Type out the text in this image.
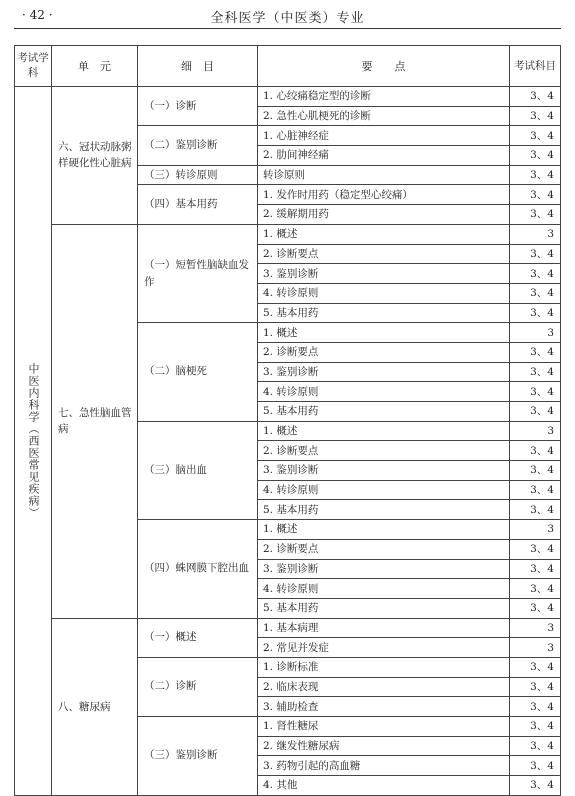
· 42 ·	全科医学（中医类）专业
考试学科	单　元	细　目	要　　点	考试科目

中医内科学（西医常见疾病）	六、冠状动脉粥样硬化性心脏病	（一）诊断	1. 心绞痛稳定型的诊断	3、4
			2. 急性心肌梗死的诊断	3、4

		（二）鉴别诊断	1. 心脏神经症	3、4
			2. 肋间神经痛	3、4

		（三）转诊原则	转诊原则	3、4

		（四）基本用药	1. 发作时用药（稳定型心绞痛）	3、4
			2. 缓解期用药	3、4

	七、急性脑血管病	（一）短暂性脑缺血发作	1. 概述	3
			2. 诊断要点	3、4
			3. 鉴别诊断	3、4
			4. 转诊原则	3、4
			5. 基本用药	3、4

		（二）脑梗死	1. 概述	3
			2. 诊断要点	3、4
			3. 鉴别诊断	3、4
			4. 转诊原则	3、4
			5. 基本用药	3、4

		（三）脑出血	1. 概述	3
			2. 诊断要点	3、4
			3. 鉴别诊断	3、4
			4. 转诊原则	3、4
			5. 基本用药	3、4

		（四）蛛网膜下腔出血	1. 概述	3
			2. 诊断要点	3、4
			3. 鉴别诊断	3、4
			4. 转诊原则	3、4
			5. 基本用药	3、4

	八、糖尿病	（一）概述	1. 基本病理	3
			2. 常见并发症	3

		（二）诊断	1. 诊断标准	3、4
			2. 临床表现	3、4
			3. 辅助检查	3、4

		（三）鉴别诊断	1. 肾性糖尿	3、4
			2. 继发性糖尿病	3、4
			3. 药物引起的高血糖	3、4
			4. 其他	3、4
